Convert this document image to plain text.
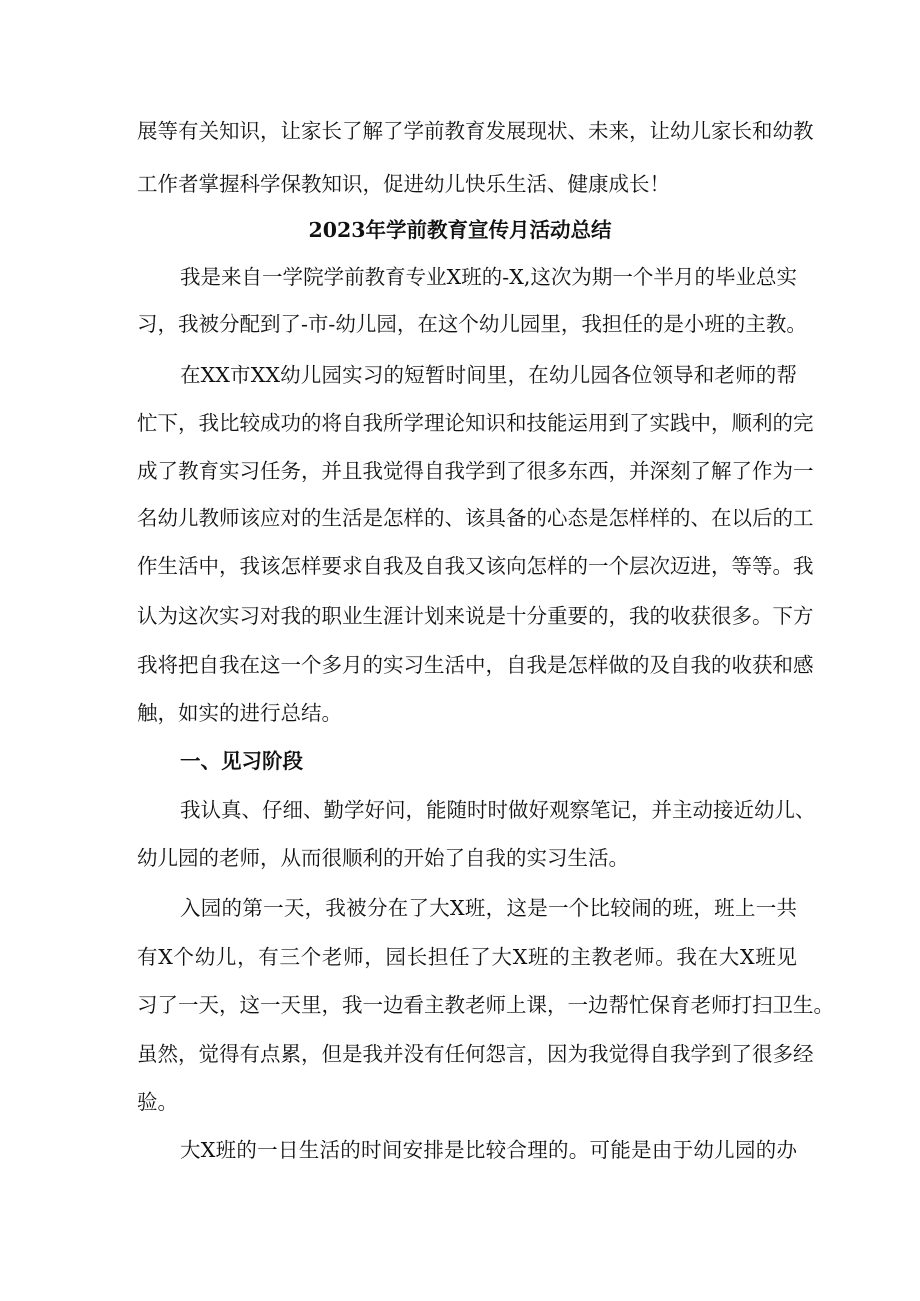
展等有关知识，让家长了解了学前教育发展现状、未来，让幼儿家长和幼教
工作者掌握科学保教知识，促进幼儿快乐生活、健康成长！
2023年学前教育宣传月活动总结
我是来自一学院学前教育专业X班的-X,这次为期一个半月的毕业总实
习，我被分配到了-市-幼儿园，在这个幼儿园里，我担任的是小班的主教。
在XX市XX幼儿园实习的短暂时间里，在幼儿园各位领导和老师的帮
忙下，我比较成功的将自我所学理论知识和技能运用到了实践中，顺利的完
成了教育实习任务，并且我觉得自我学到了很多东西，并深刻了解了作为一
名幼儿教师该应对的生活是怎样的、该具备的心态是怎样样的、在以后的工
作生活中，我该怎样要求自我及自我又该向怎样的一个层次迈进，等等。我
认为这次实习对我的职业生涯计划来说是十分重要的，我的收获很多。下方
我将把自我在这一个多月的实习生活中，自我是怎样做的及自我的收获和感
触，如实的进行总结。
一、见习阶段
我认真、仔细、勤学好问，能随时时做好观察笔记，并主动接近幼儿、
幼儿园的老师，从而很顺利的开始了自我的实习生活。
入园的第一天，我被分在了大X班，这是一个比较闹的班，班上一共
有X个幼儿，有三个老师，园长担任了大X班的主教老师。我在大X班见
习了一天，这一天里，我一边看主教老师上课，一边帮忙保育老师打扫卫生。
虽然，觉得有点累，但是我并没有任何怨言，因为我觉得自我学到了很多经
验。
大X班的一日生活的时间安排是比较合理的。可能是由于幼儿园的办
